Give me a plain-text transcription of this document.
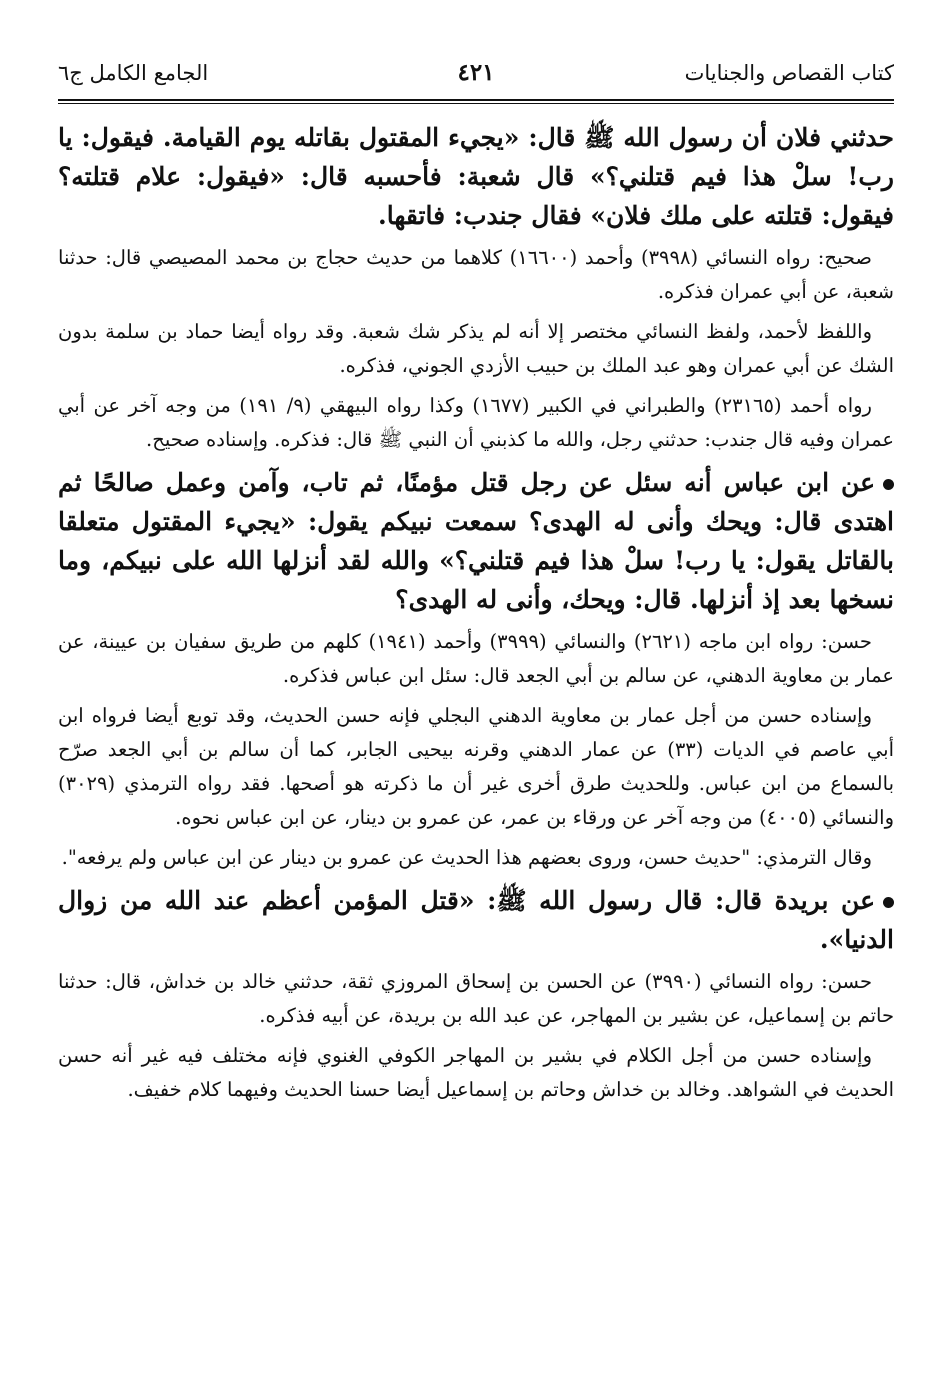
كتاب القصاص والجنايات
٤٢١
الجامع الكامل ج٦

حدثني فلان أن رسول الله ﷺ قال: «يجيء المقتول بقاتله يوم القيامة. فيقول: يا رب! سلْ هذا فيم قتلني؟» قال شعبة: فأحسبه قال: «فيقول: علام قتلته؟ فيقول: قتلته على ملك فلان» فقال جندب: فاتقها.

صحيح: رواه النسائي (٣٩٩٨) وأحمد (١٦٦٠٠) كلاهما من حديث حجاج بن محمد المصيصي قال: حدثنا شعبة، عن أبي عمران فذكره.

واللفظ لأحمد، ولفظ النسائي مختصر إلا أنه لم يذكر شك شعبة. وقد رواه أيضا حماد بن سلمة بدون الشك عن أبي عمران وهو عبد الملك بن حبيب الأزدي الجوني، فذكره.

رواه أحمد (٢٣١٦٥) والطبراني في الكبير (١٦٧٧) وكذا رواه البيهقي (٩/ ١٩١) من وجه آخر عن أبي عمران وفيه قال جندب: حدثني رجل، والله ما كذبني أن النبي ﷺ قال: فذكره. وإسناده صحيح.

عن ابن عباس أنه سئل عن رجل قتل مؤمنًا، ثم تاب، وآمن وعمل صالحًا ثم اهتدى قال: ويحك وأنى له الهدى؟ سمعت نبيكم يقول: «يجيء المقتول متعلقا بالقاتل يقول: يا رب! سلْ هذا فيم قتلني؟» والله لقد أنزلها الله على نبيكم، وما نسخها بعد إذ أنزلها. قال: ويحك، وأنى له الهدى؟

حسن: رواه ابن ماجه (٢٦٢١) والنسائي (٣٩٩٩) وأحمد (١٩٤١) كلهم من طريق سفيان بن عيينة، عن عمار بن معاوية الدهني، عن سالم بن أبي الجعد قال: سئل ابن عباس فذكره.

وإسناده حسن من أجل عمار بن معاوية الدهني البجلي فإنه حسن الحديث، وقد توبع أيضا فرواه ابن أبي عاصم في الديات (٣٣) عن عمار الدهني وقرنه بيحيى الجابر، كما أن سالم بن أبي الجعد صرّح بالسماع من ابن عباس. وللحديث طرق أخرى غير أن ما ذكرته هو أصحها. فقد رواه الترمذي (٣٠٢٩) والنسائي (٤٠٠٥) من وجه آخر عن ورقاء بن عمر، عن عمرو بن دينار، عن ابن عباس نحوه.

وقال الترمذي: "حديث حسن، وروى بعضهم هذا الحديث عن عمرو بن دينار عن ابن عباس ولم يرفعه".

عن بريدة قال: قال رسول الله ﷺ: «قتل المؤمن أعظم عند الله من زوال الدنيا».

حسن: رواه النسائي (٣٩٩٠) عن الحسن بن إسحاق المروزي ثقة، حدثني خالد بن خداش، قال: حدثنا حاتم بن إسماعيل، عن بشير بن المهاجر، عن عبد الله بن بريدة، عن أبيه فذكره.

وإسناده حسن من أجل الكلام في بشير بن المهاجر الكوفي الغنوي فإنه مختلف فيه غير أنه حسن الحديث في الشواهد. وخالد بن خداش وحاتم بن إسماعيل أيضا حسنا الحديث وفيهما كلام خفيف.
